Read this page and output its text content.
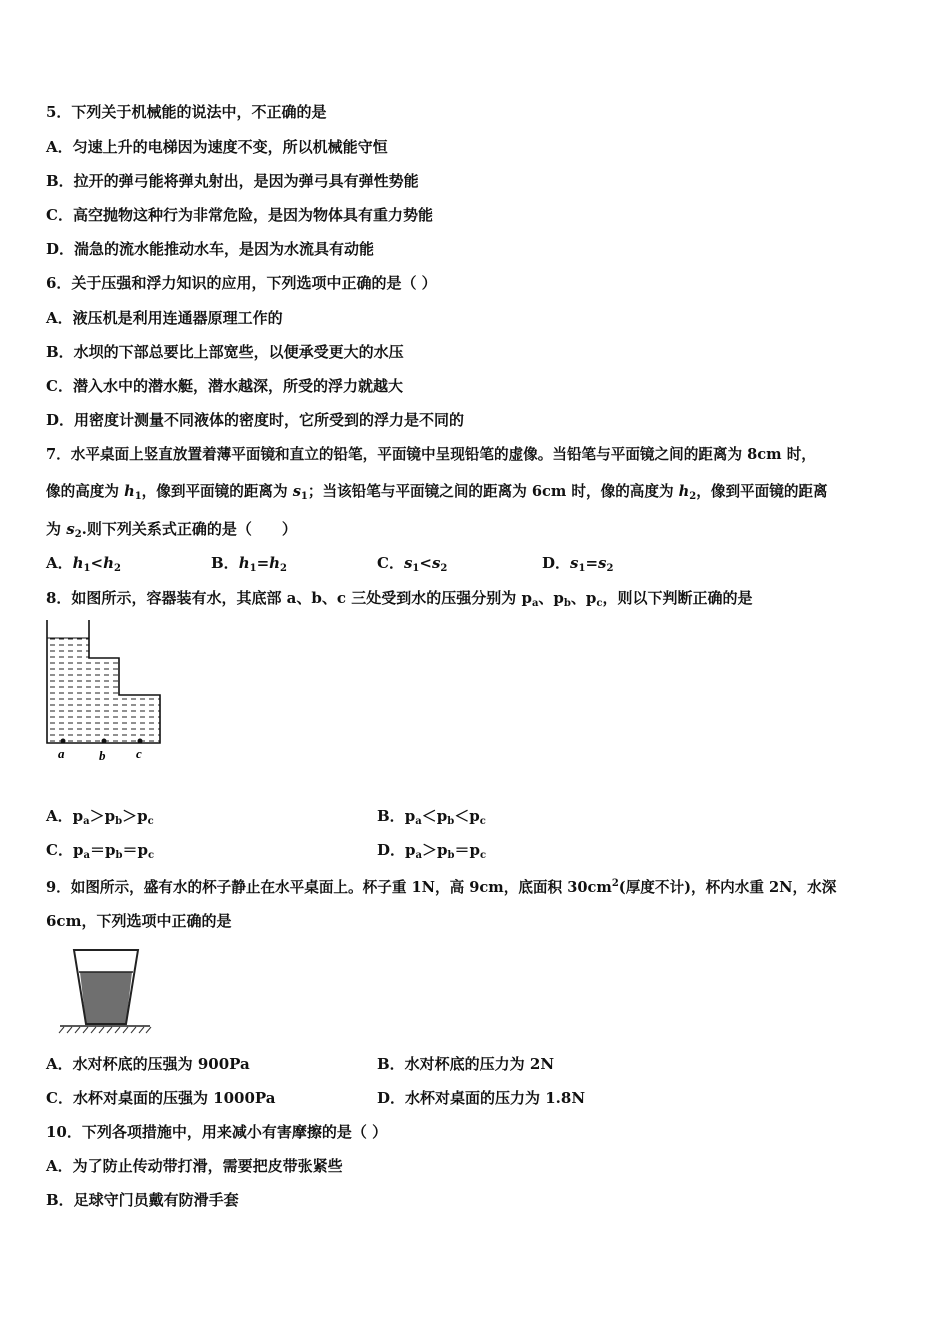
5．下列关于机械能的说法中，不正确的是
A．匀速上升的电梯因为速度不变，所以机械能守恒
B．拉开的弹弓能将弹丸射出，是因为弹弓具有弹性势能
C．高空抛物这种行为非常危险，是因为物体具有重力势能
D．湍急的流水能推动水车，是因为水流具有动能
6．关于压强和浮力知识的应用，下列选项中正确的是（ ）
A．液压机是利用连通器原理工作的
B．水坝的下部总要比上部宽些，以便承受更大的水压
C．潜入水中的潜水艇，潜水越深，所受的浮力就越大
D．用密度计测量不同液体的密度时，它所受到的浮力是不同的
7．水平桌面上竖直放置着薄平面镜和直立的铅笔，平面镜中呈现铅笔的虚像。当铅笔与平面镜之间的距离为 8cm 时，
像的高度为 $h_1$，像到平面镜的距离为 $s_1$；当该铅笔与平面镜之间的距离为 6cm 时，像的高度为 $h_2$，像到平面镜的距离
为 $s_2$.则下列关系式正确的是（　　）
A．$h_1<h_2$	B．$h_1=h_2$	C．$s_1<s_2$	D．$s_1=s_2$
8．如图所示，容器装有水，其底部 a、b、c 三处受到水的压强分别为 $p_a$、$p_b$、$p_c$，则以下判断正确的是
a	b c
A．$p_a>p_b>p_c$	B．$p_a<p_b<p_c$
C．$p_a=p_b=p_c$	D．$p_a>p_b=p_c$
9．如图所示，盛有水的杯子静止在水平桌面上。杯子重 1N，高 9cm，底面积 $30cm^2$(厚度不计)，杯内水重 2N，水深
6cm，下列选项中正确的是
A．水对杯底的压强为 900Pa	B．水对杯底的压力为 2N
C．水杯对桌面的压强为 1000Pa	D．水杯对桌面的压力为 1.8N
10．下列各项措施中，用来减小有害摩擦的是（ ）
A．为了防止传动带打滑，需要把皮带张紧些
B．足球守门员戴有防滑手套
